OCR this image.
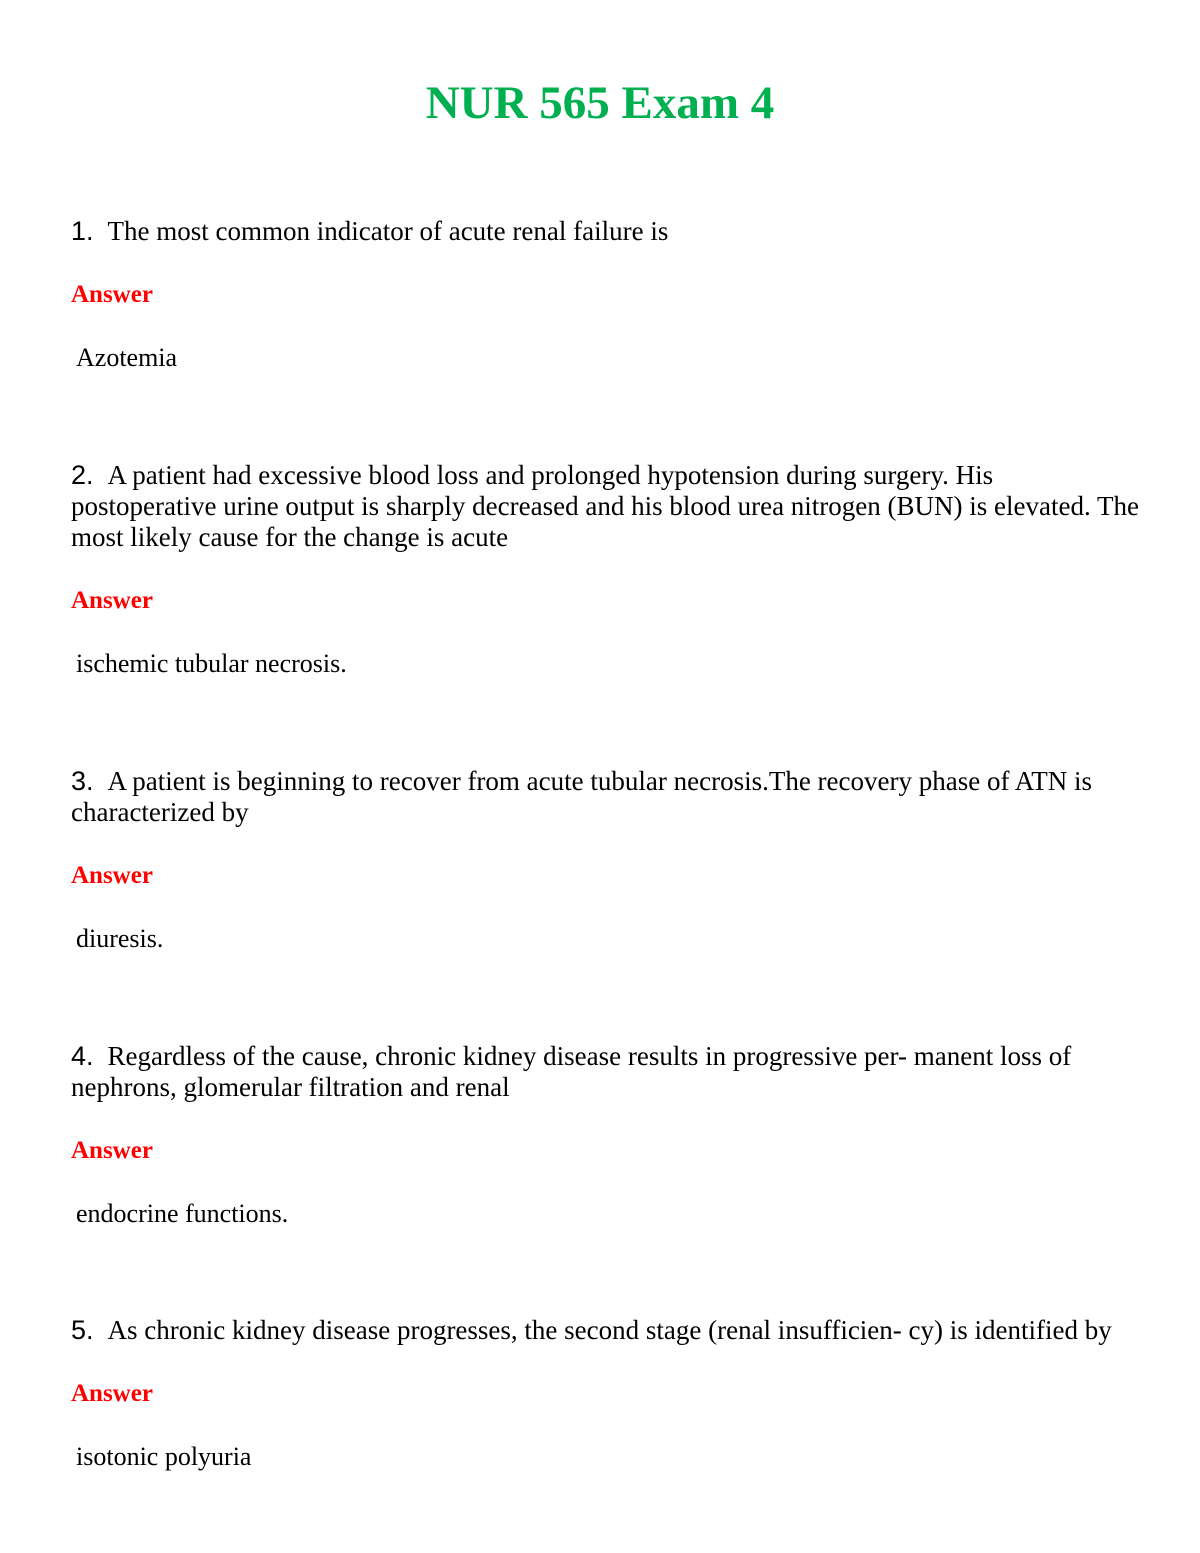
NUR 565 Exam 4

1. The most common indicator of acute renal failure is

Answer

Azotemia

2. A patient had excessive blood loss and prolonged hypotension during surgery. His postoperative urine output is sharply decreased and his blood urea nitrogen (BUN) is elevated. The most likely cause for the change is acute

Answer

ischemic tubular necrosis.

3. A patient is beginning to recover from acute tubular necrosis.The recovery phase of ATN is characterized by

Answer

diuresis.

4. Regardless of the cause, chronic kidney disease results in progressive per- manent loss of nephrons, glomerular filtration and renal

Answer

endocrine functions.

5. As chronic kidney disease progresses, the second stage (renal insufficien- cy) is identified by

Answer

isotonic polyuria
